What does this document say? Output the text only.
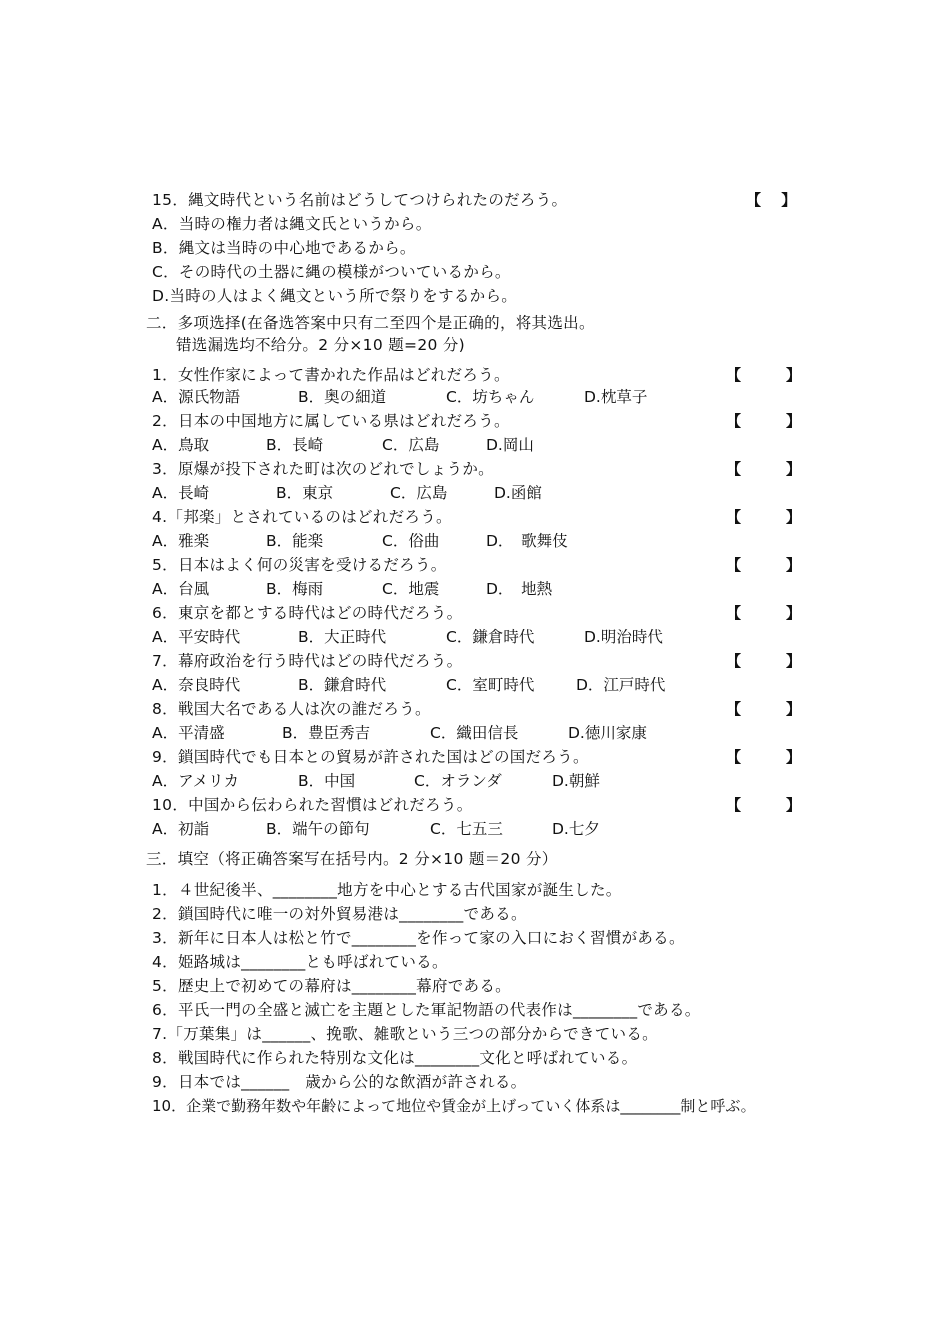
15．縄文時代という名前はどうしてつけられたのだろう。	【　 】
A．当時の権力者は縄文氏というから。
B．縄文は当時の中心地であるから。
C．その時代の土器に縄の模様がついているから。
D.当時の人はよく縄文という所で祭りをするから。
二．多项选择(在备选答案中只有二至四个是正确的，将其选出。
错选漏选均不给分。2 分×10 题=20 分)
1．女性作家によって書かれた作品はどれだろう。	【　　　】
A．源氏物語	B．奥の細道	C．坊ちゃん	D.枕草子
2．日本の中国地方に属している県はどれだろう。	【　　　】
A．鳥取	B．長崎	C．広島	D.岡山
3．原爆が投下された町は次のどれでしょうか。	【　　　】
A．長崎	B．東京	C．広島	D.函館
4.「邦楽」とされているのはどれだろう。	【　　　】
A．雅楽	B．能楽	C．俗曲	D．　歌舞伎
5．日本はよく何の災害を受けるだろう。	【　　　】
A．台風	B．梅雨	C．地震	D．　地熱
6．東京を都とする時代はどの時代だろう。	【　　　】
A．平安時代	B．大正時代	C．鎌倉時代	D.明治時代
7．幕府政治を行う時代はどの時代だろう。	【　　　】
A．奈良時代	B．鎌倉時代	C．室町時代	D．江戸時代
8．戦国大名である人は次の誰だろう。	【　　　】
A．平清盛	B．豊臣秀吉	C．織田信長	D.徳川家康
9．鎖国時代でも日本との貿易が許された国はどの国だろう。	【　　　】
A．アメリカ	B．中国	C．オランダ	D.朝鮮
10．中国から伝わられた習慣はどれだろう。	【　　　】
A．初詣	B．端午の節句	C．七五三	D.七夕
三．填空（将正确答案写在括号内。2 分×10 题＝20 分）
1．４世紀後半、________地方を中心とする古代国家が誕生した。
2．鎖国時代に唯一の対外貿易港は________である。
3．新年に日本人は松と竹で________を作って家の入口におく習慣がある。
4．姫路城は________とも呼ばれている。
5．歴史上で初めての幕府は________幕府である。
6．平氏一門の全盛と滅亡を主題とした軍記物語の代表作は________である。
7.「万葉集」は______、挽歌、雑歌という三つの部分からできている。
8．戦国時代に作られた特別な文化は________文化と呼ばれている。
9．日本では______　歳から公的な飲酒が許される。
10．企業で勤務年数や年齢によって地位や賃金が上げっていく体系は________制と呼ぶ。
